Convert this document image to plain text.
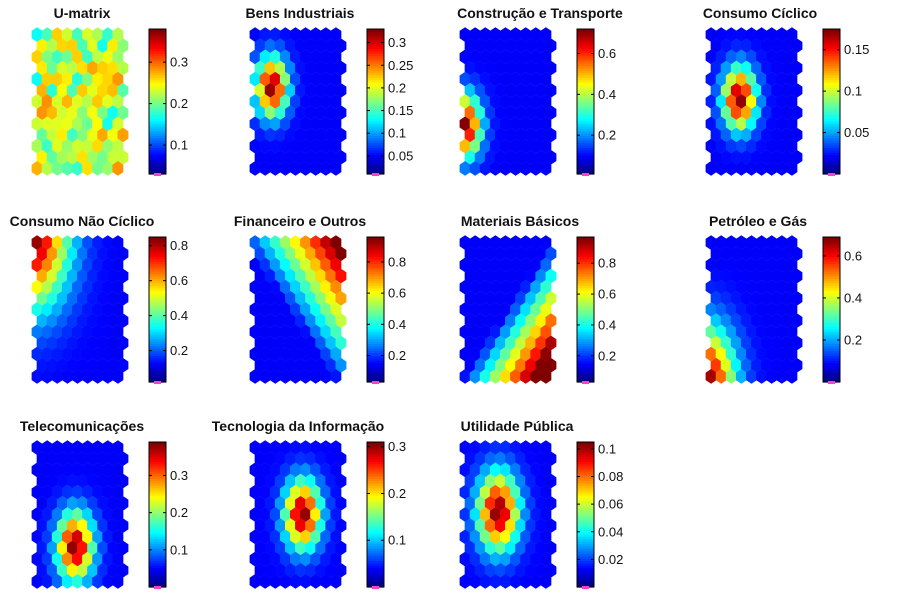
U-matrix
0.1
0.2
0.3
Bens Industriais
0.05
0.1
0.15
0.2
0.25
0.3
Construção e Transporte
0.2
0.4
0.6
Consumo Cíclico
0.05
0.1
0.15
Consumo Não Cíclico
0.2
0.4
0.6
0.8
Financeiro e Outros
0.2
0.4
0.6
0.8
Materiais Básicos
0.2
0.4
0.6
0.8
Petróleo e Gás
0.2
0.4
0.6
Telecomunicações
0.1
0.2
0.3
Tecnologia da Informação
0.1
0.2
0.3
Utilidade Pública
0.02
0.04
0.06
0.08
0.1
